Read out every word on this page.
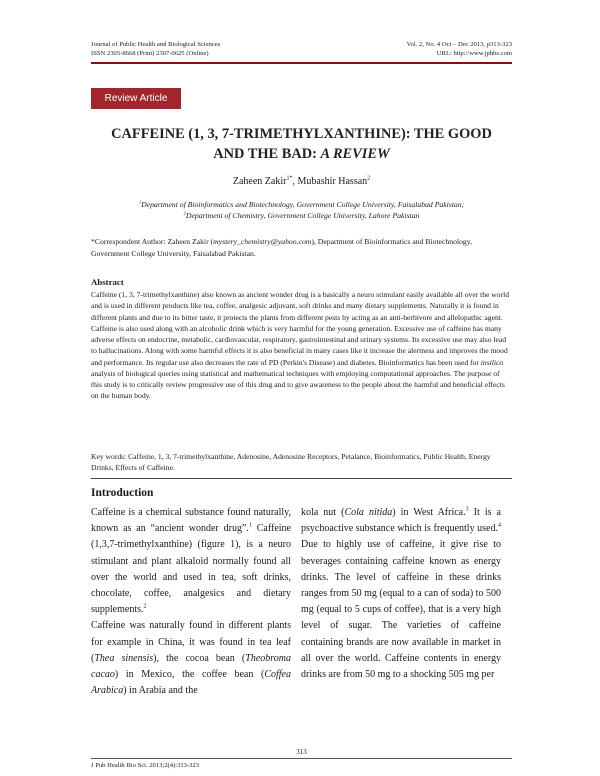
Journal of Public Health and Biological Sciences
ISSN 2305-8668 (Print) 2307-0625 (Online)
Vol. 2, No. 4 Oct – Dec 2013, p313-323
URL: http://www.jphbs.com
Review Article
CAFFEINE (1, 3, 7-TRIMETHYLXANTHINE): THE GOOD
AND THE BAD: A REVIEW
Zaheen Zakir$^{1*}$, Mubashir Hassan$^2$
$^1$Department of Bioinformatics and Biotechnology, Government College University, Faisalabad Pakistan;
$^2$Department of Chemistry, Government College University, Lahore Pakistan
*Correspondent Author: Zaheen Zakir (mystery_chemistry@yahoo.com), Department of Bioinformatics and Biotechnology, Government College University, Faisalabad Pakistan.
Abstract
Caffeine (1, 3, 7-trimethylxanthine) also known as ancient wonder drug is a basically a neuro stimulant easily available all over the world and is used in different products like tea, coffee, analgesic adjuvant, soft drinks and many dietary supplements. Naturally it is found in different plants and due to its bitter taste, it protects the plants from different pests by acting as an anti-herbivore and allelopathic agent. Caffeine is also used along with an alcoholic drink which is very harmful for the young generation. Excessive use of caffeine has many adverse effects on endocrine, metabolic, cardiovascular, respiratory, gastrointestinal and urinary systems. Its excessive use may also lead to hallucinations. Along with some harmful effects it is also beneficial in many cases like it increase the alertness and improves the mood and performance. Its regular use also decreases the rate of PD (Perkin's Disease) and diabetes. Bioinformatics has been used for insilico analysis of biological queries using statistical and mathematical techniques with employing computational approaches. The purpose of this study is to critically review progressive use of this drug and to give awareness to the people about the harmful and beneficial effects on the human body.
Key words: Caffeine, 1, 3, 7-trimethylxanthine, Adenosine, Adenosine Receptors, Petalance, Bioinformatics, Public Health, Energy Drinks, Effects of Caffeine.
Introduction

Caffeine is a chemical substance found naturally, known as an “ancient wonder drug”.$^1$ Caffeine (1,3,7-trimethylxanthine) (figure 1), is a neuro stimulant and plant alkaloid normally found all over the world and used in tea, soft drinks, chocolate, coffee, analgesics and dietary supplements.$^2$

Caffeine was naturally found in different plants for example in China, it was found in tea leaf (Thea sinensis), the cocoa bean (Theobroma cacao) in Mexico, the coffee bean (Coffea Arabica) in Arabia and the

kola nut (Cola nitida) in West Africa.$^3$ It is a psychoactive substance which is frequently used.$^4$ Due to highly use of caffeine, it give rise to beverages containing caffeine known as energy drinks. The level of caffeine in these drinks ranges from 50 mg (equal to a can of soda) to 500 mg (equal to 5 cups of coffee), that is a very high level of sugar. The varieties of caffeine containing brands are now available in market in all over the world. Caffeine contents in energy drinks are from 50 mg to a shocking 505 mg per

313
J Pub Health Bio Sci. 2013;2(4):313-323
